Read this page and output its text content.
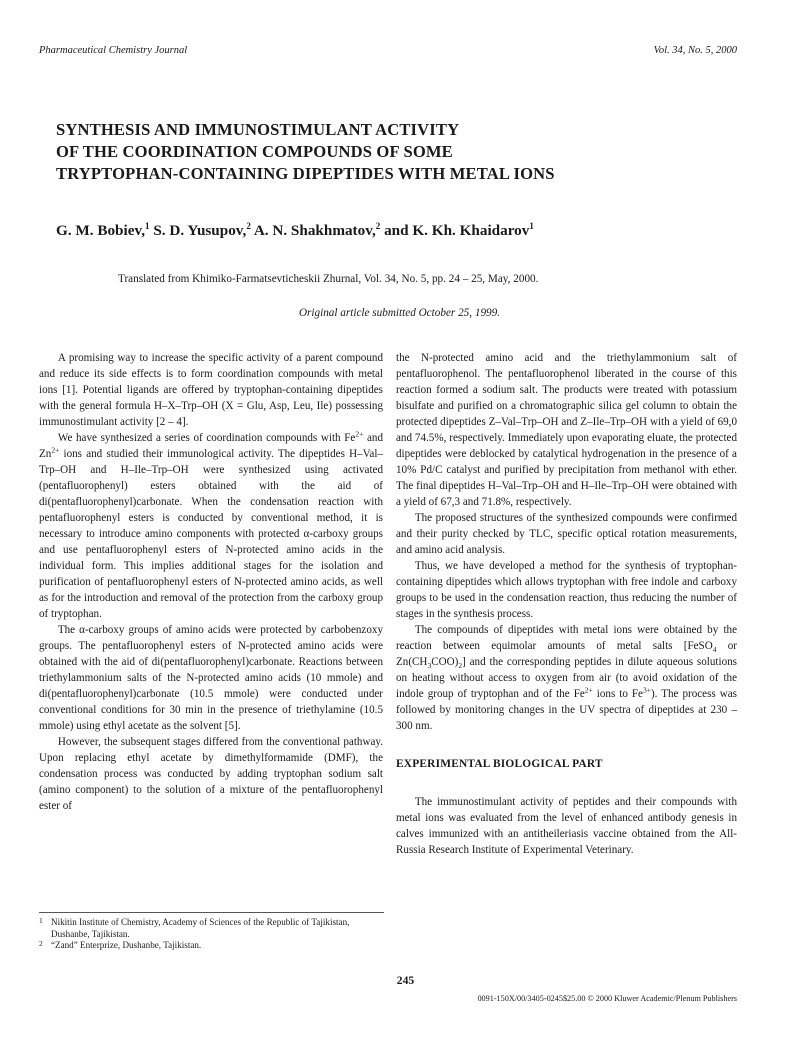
Pharmaceutical Chemistry Journal	Vol. 34, No. 5, 2000
SYNTHESIS AND IMMUNOSTIMULANT ACTIVITY
OF THE COORDINATION COMPOUNDS OF SOME
TRYPTOPHAN-CONTAINING DIPEPTIDES WITH METAL IONS

G. M. Bobiev,$^1$ S. D. Yusupov,$^2$ A. N. Shakhmatov,$^2$ and K. Kh. Khaidarov$^1$

Translated from Khimiko-Farmatsevticheskii Zhurnal, Vol. 34, No. 5, pp. 24 – 25, May, 2000.

Original article submitted October 25, 1999.

A promising way to increase the specific activity of a parent compound and reduce its side effects is to form coordination compounds with metal ions [1]. Potential ligands are offered by tryptophan-containing dipeptides with the general formula H–X–Trp–OH (X = Glu, Asp, Leu, Ile) possessing immunostimulant activity [2 – 4].

We have synthesized a series of coordination compounds with $Fe^{2+}$ and $Zn^{2+}$ ions and studied their immunological activity. The dipeptides H–Val–Trp–OH and H–Ile–Trp–OH were synthesized using activated (pentafluorophenyl) esters obtained with the aid of di(pentafluorophenyl)carbonate. When the condensation reaction with pentafluorophenyl esters is conducted by conventional method, it is necessary to introduce amino components with protected α-carboxy groups and use pentafluorophenyl esters of N-protected amino acids in the individual form. This implies additional stages for the isolation and purification of pentafluorophenyl esters of N-protected amino acids, as well as for the introduction and removal of the protection from the carboxy group of tryptophan.

The α-carboxy groups of amino acids were protected by carbobenzoxy groups. The pentafluorophenyl esters of N-protected amino acids were obtained with the aid of di(pentafluorophenyl)carbonate. Reactions between triethylammonium salts of the N-protected amino acids (10 mmole) and di(pentafluorophenyl)carbonate (10.5 mmole) were conducted under conventional conditions for 30 min in the presence of triethylamine (10.5 mmole) using ethyl acetate as the solvent [5].

However, the subsequent stages differed from the conventional pathway. Upon replacing ethyl acetate by dimethylformamide (DMF), the condensation process was conducted by adding tryptophan sodium salt (amino component) to the solution of a mixture of the pentafluorophenyl ester of

the N-protected amino acid and the triethylammonium salt of pentafluorophenol. The pentafluorophenol liberated in the course of this reaction formed a sodium salt. The products were treated with potassium bisulfate and purified on a chromatographic silica gel column to obtain the protected dipeptides Z–Val–Trp–OH and Z–Ile–Trp–OH with a yield of 69,0 and 74.5%, respectively. Immediately upon evaporating eluate, the protected dipeptides were deblocked by catalytical hydrogenation in the presence of a 10% Pd/C catalyst and purified by precipitation from methanol with ether. The final dipeptides H–Val–Trp–OH and H–Ile–Trp–OH were obtained with a yield of 67,3 and 71.8%, respectively.

The proposed structures of the synthesized compounds were confirmed and their purity checked by TLC, specific optical rotation measurements, and amino acid analysis.

Thus, we have developed a method for the synthesis of tryptophan-containing dipeptides which allows tryptophan with free indole and carboxy groups to be used in the condensation reaction, thus reducing the number of stages in the synthesis process.

The compounds of dipeptides with metal ions were obtained by the reaction between equimolar amounts of metal salts [FeSO$_4$ or $Zn(CH_3COO)_2$] and the corresponding peptides in dilute aqueous solutions on heating without access to oxygen from air (to avoid oxidation of the indole group of tryptophan and of the $Fe^{2+}$ ions to $Fe^{3+}$). The process was followed by monitoring changes in the UV spectra of dipeptides at 230 – 300 nm.

EXPERIMENTAL BIOLOGICAL PART

The immunostimulant activity of peptides and their compounds with metal ions was evaluated from the level of enhanced antibody genesis in calves immunized with an antitheileriasis vaccine obtained from the All-Russia Research Institute of Experimental Veterinary.

1 Nikitin Institute of Chemistry, Academy of Sciences of the Republic of Tajikistan, Dushanbe, Tajikistan.

2 “Zand” Enterprize, Dushanbe, Tajikistan.

245
0091-150X/00/3405-0245$25.00 © 2000 Kluwer Academic/Plenum Publishers
